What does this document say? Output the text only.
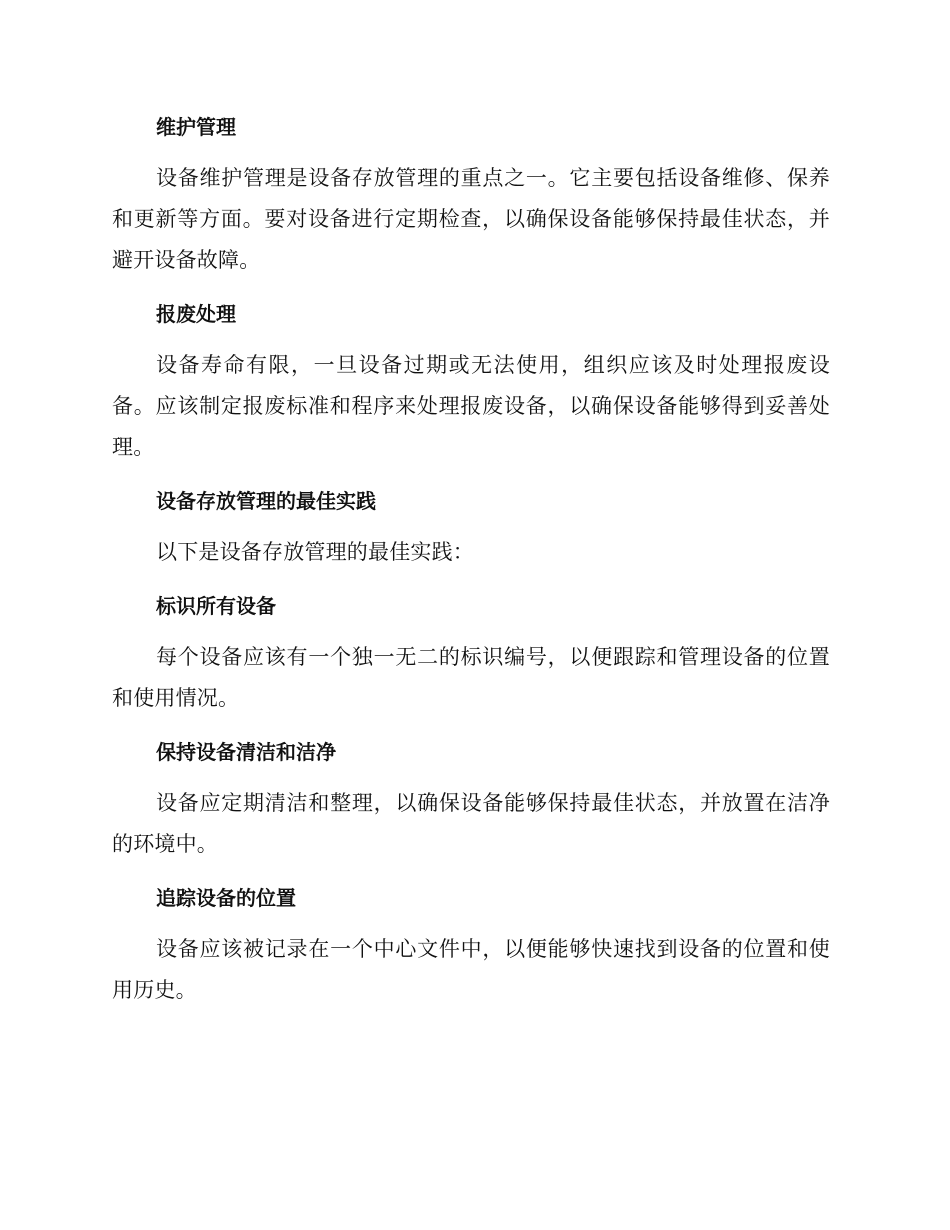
维护管理

设备维护管理是设备存放管理的重点之一。它主要包括设备维修、保养和更新等方面。要对设备进行定期检查，以确保设备能够保持最佳状态，并避开设备故障。

报废处理

设备寿命有限，一旦设备过期或无法使用，组织应该及时处理报废设备。应该制定报废标准和程序来处理报废设备，以确保设备能够得到妥善处理。

设备存放管理的最佳实践

以下是设备存放管理的最佳实践：

标识所有设备

每个设备应该有一个独一无二的标识编号，以便跟踪和管理设备的位置和使用情况。

保持设备清洁和洁净

设备应定期清洁和整理，以确保设备能够保持最佳状态，并放置在洁净的环境中。

追踪设备的位置

设备应该被记录在一个中心文件中，以便能够快速找到设备的位置和使用历史。
